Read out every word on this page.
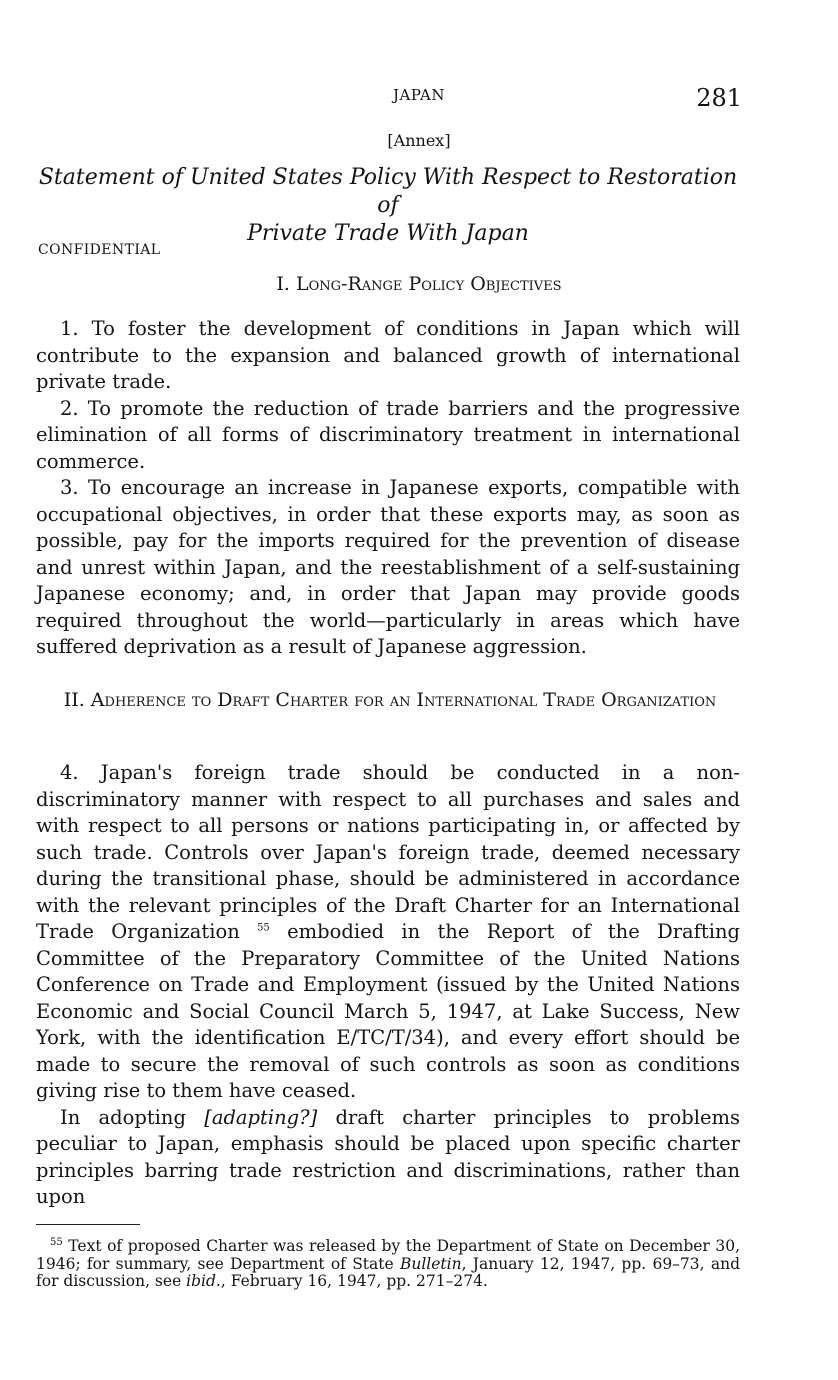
JAPAN	281
[Annex]
Statement of United States Policy With Respect to Restoration of
Private Trade With Japan
CONFIDENTIAL
I. Long-Range Policy Objectives

1. To foster the development of conditions in Japan which will contribute to the expansion and balanced growth of international private trade.

2. To promote the reduction of trade barriers and the progressive elimination of all forms of discriminatory treatment in international commerce.

3. To encourage an increase in Japanese exports, compatible with occupational objectives, in order that these exports may, as soon as possible, pay for the imports required for the prevention of disease and unrest within Japan, and the reestablishment of a self-sustaining Japanese economy; and, in order that Japan may provide goods required throughout the world—particularly in areas which have suffered deprivation as a result of Japanese aggression.

II. Adherence to Draft Charter for an International Trade Organization

4. Japan's foreign trade should be conducted in a non-discriminatory manner with respect to all purchases and sales and with respect to all persons or nations participating in, or affected by such trade. Controls over Japan's foreign trade, deemed necessary during the transitional phase, should be administered in accordance with the relevant principles of the Draft Charter for an International Trade Organization $^{55}$ embodied in the Report of the Drafting Committee of the Preparatory Committee of the United Nations Conference on Trade and Employment (issued by the United Nations Economic and Social Council March 5, 1947, at Lake Success, New York, with the identification E/TC/T/34), and every effort should be made to secure the removal of such controls as soon as conditions giving rise to them have ceased.

In adopting [adapting?] draft charter principles to problems peculiar to Japan, emphasis should be placed upon specific charter principles barring trade restriction and discriminations, rather than upon

$^{55}$ Text of proposed Charter was released by the Department of State on December 30, 1946; for summary, see Department of State Bulletin, January 12, 1947, pp. 69–73, and for discussion, see ibid., February 16, 1947, pp. 271–274.
